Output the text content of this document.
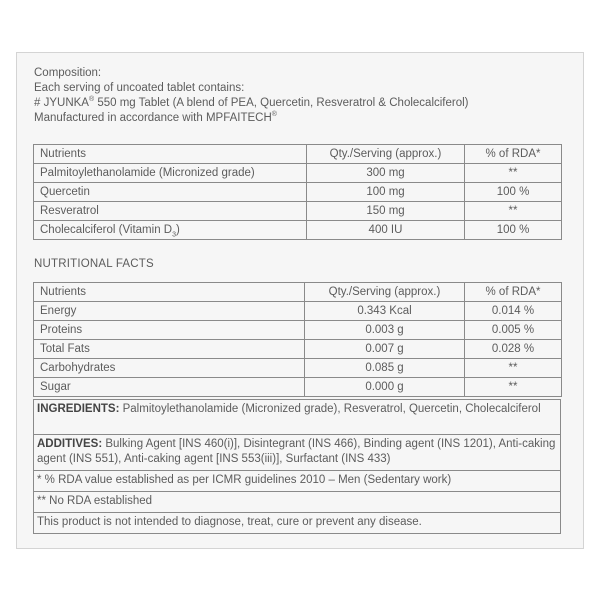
Composition:
Each serving of uncoated tablet contains:
# JYUNKA® 550 mg Tablet (A blend of PEA, Quercetin, Resveratrol & Cholecalciferol)
Manufactured in accordance with MPFAITECH®
Nutrients	Qty./Serving (approx.)	% of RDA*
Palmitoylethanolamide (Micronized grade)	300 mg	**
Quercetin	100 mg	100 %
Resveratrol	150 mg	**
Cholecalciferol (Vitamin $D_3$)	400 IU	100 %
NUTRITIONAL FACTS
Nutrients	Qty./Serving (approx.)	% of RDA*
Energy	0.343 Kcal	0.014 %
Proteins	0.003 g	0.005 %
Total Fats	0.007 g	0.028 %
Carbohydrates	0.085 g	**
Sugar	0.000 g	**
INGREDIENTS: Palmitoylethanolamide (Micronized grade), Resveratrol, Quercetin, Cholecalciferol
ADDITIVES: Bulking Agent [INS 460(i)], Disintegrant (INS 466), Binding agent (INS 1201), Anti-caking agent (INS 551), Anti-caking agent [INS 553(iii)], Surfactant (INS 433)
* % RDA value established as per ICMR guidelines 2010 – Men (Sedentary work)
** No RDA established
This product is not intended to diagnose, treat, cure or prevent any disease.
